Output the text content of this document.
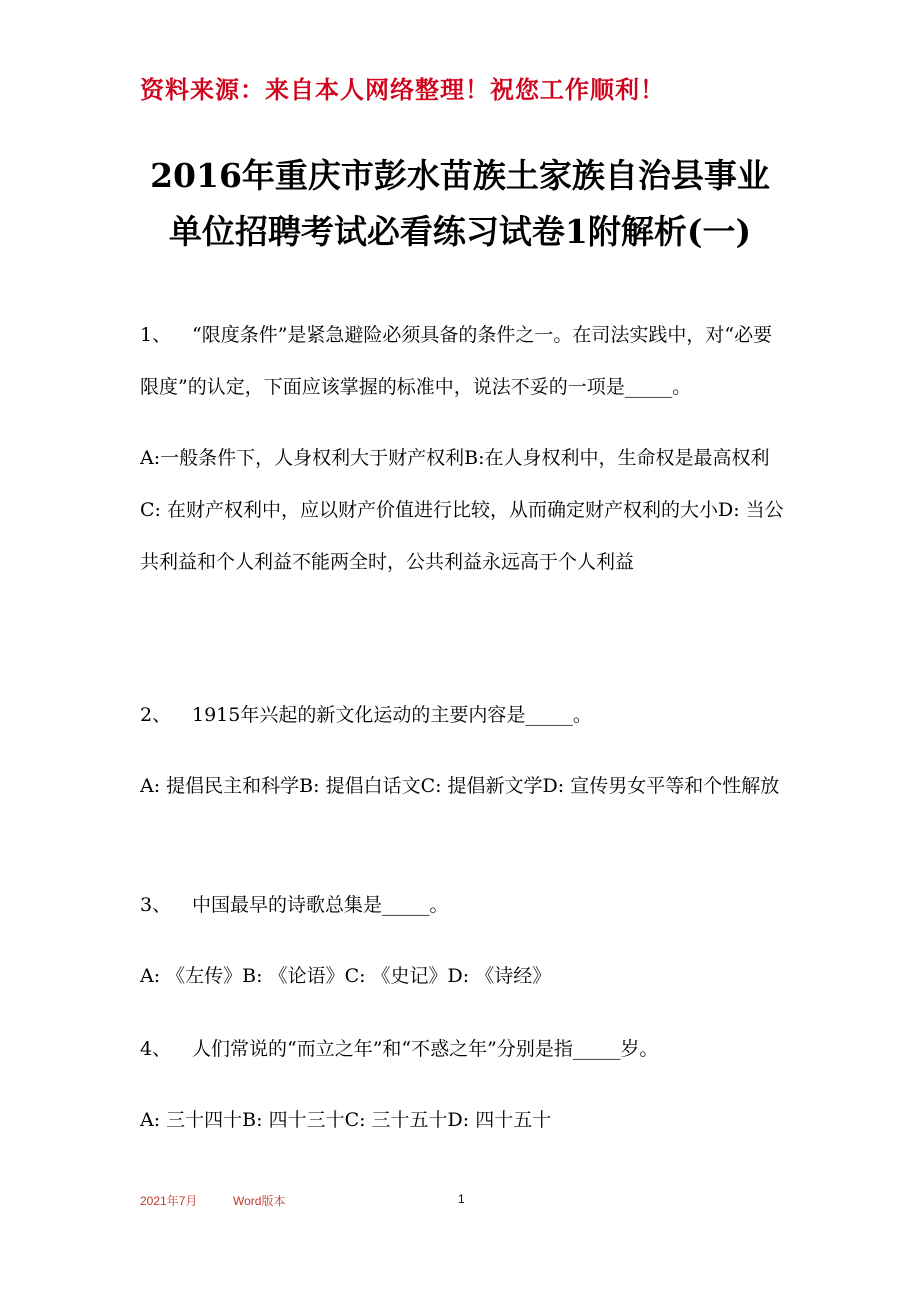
资料来源：来自本人网络整理！祝您工作顺利！
2016年重庆市彭水苗族土家族自治县事业
单位招聘考试必看练习试卷1附解析(一)

1、 “限度条件”是紧急避险必须具备的条件之一。在司法实践中，对“必要限度”的认定，下面应该掌握的标准中，说法不妥的一项是_____。

A:一般条件下，人身权利大于财产权利B:在人身权利中，生命权是最高权利C: 在财产权利中，应以财产价值进行比较，从而确定财产权利的大小D: 当公共利益和个人利益不能两全时，公共利益永远高于个人利益

2、 1915年兴起的新文化运动的主要内容是_____。

A: 提倡民主和科学B: 提倡白话文C: 提倡新文学D: 宣传男女平等和个性解放

3、 中国最早的诗歌总集是_____。

A: 《左传》B: 《论语》C: 《史记》D: 《诗经》

4、 人们常说的“而立之年”和“不惑之年”分别是指_____岁。

A: 三十四十B: 四十三十C: 三十五十D: 四十五十

2021年7月	Word版本	1
